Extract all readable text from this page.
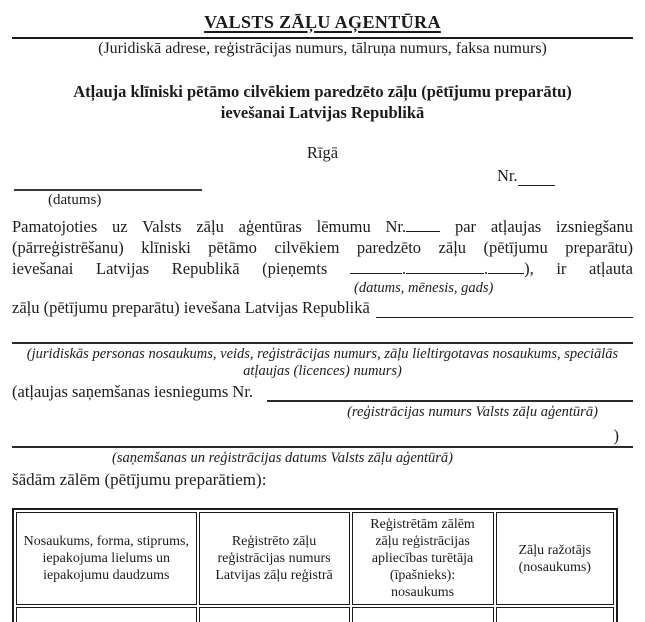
VALSTS ZĀĻU AĢENTŪRA
(Juridiskā adrese, reģistrācijas numurs, tālruņa numurs, faksa numurs)
Atļauja klīniski pētāmo cilvēkiem paredzēto zāļu (pētījumu preparātu) ievešanai Latvijas Republikā
Rīgā
Nr.
(datums)
Pamatojoties uz Valsts zāļu aģentūras lēmumu Nr. par atļaujas izsniegšanu
(pārreģistrēšanu) klīniski pētāmo cilvēkiem paredzēto zāļu (pētījumu preparātu)
ievešanai Latvijas Republikā (pieņemts	.	. ), ir atļauta
(datums, mēnesis, gads)
zāļu (pētījumu preparātu) ievešana Latvijas Republikā
(juridiskās personas nosaukums, veids, reģistrācijas numurs, zāļu lieltirgotavas nosaukums, speciālās atļaujas (licences) numurs)
(atļaujas saņemšanas iesniegums Nr.
(reģistrācijas numurs Valsts zāļu aģentūrā)
)
(saņemšanas un reģistrācijas datums Valsts zāļu aģentūrā)
šādām zālēm (pētījumu preparātiem):
Nosaukums, forma, stiprums, iepakojuma lielums un iepakojumu daudzums	Reģistrēto zāļu reģistrācijas numurs Latvijas zāļu reģistrā	Reģistrētām zālēm zāļu reģistrācijas apliecības turētāja (īpašnieks): nosaukums	Zāļu ražotājs (nosaukums)
